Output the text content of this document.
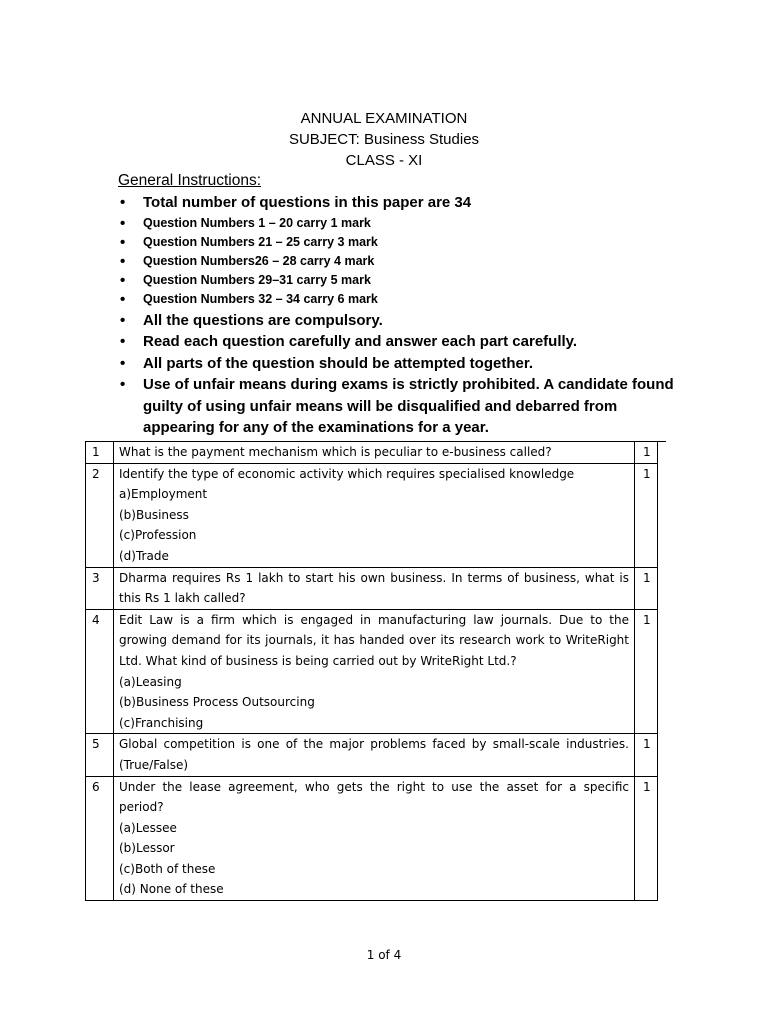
ANNUAL EXAMINATION
SUBJECT: Business Studies
CLASS - XI
General Instructions:
• Total number of questions in this paper are 34
• Question Numbers 1 – 20 carry 1 mark
• Question Numbers 21 – 25 carry 3 mark
• Question Numbers26 – 28 carry 4 mark
• Question Numbers 29–31 carry 5 mark
• Question Numbers 32 – 34 carry 6 mark
• All the questions are compulsory.
• Read each question carefully and answer each part carefully.
• All parts of the question should be attempted together.
• Use of unfair means during exams is strictly prohibited. A candidate found guilty of using unfair means will be disqualified and debarred from appearing for any of the examinations for a year.
1	What is the payment mechanism which is peculiar to e-business called?	1	
2	Identify the type of economic activity which requires specialised knowledge
a)Employment
(b)Business
(c)Profession
(d)Trade	1	
3	Dharma requires Rs 1 lakh to start his own business. In terms of business, what is this Rs 1 lakh called?	1	
4	Edit Law is a firm which is engaged in manufacturing law journals. Due to the growing demand for its journals, it has handed over its research work to WriteRight Ltd. What kind of business is being carried out by WriteRight Ltd.?
(a)Leasing
(b)Business Process Outsourcing
(c)Franchising	1	
5	Global competition is one of the major problems faced by small-scale industries. (True/False)	1	
6	Under the lease agreement, who gets the right to use the asset for a specific period?
(a)Lessee
(b)Lessor
(c)Both of these
(d) None of these	1	
1 of 4
